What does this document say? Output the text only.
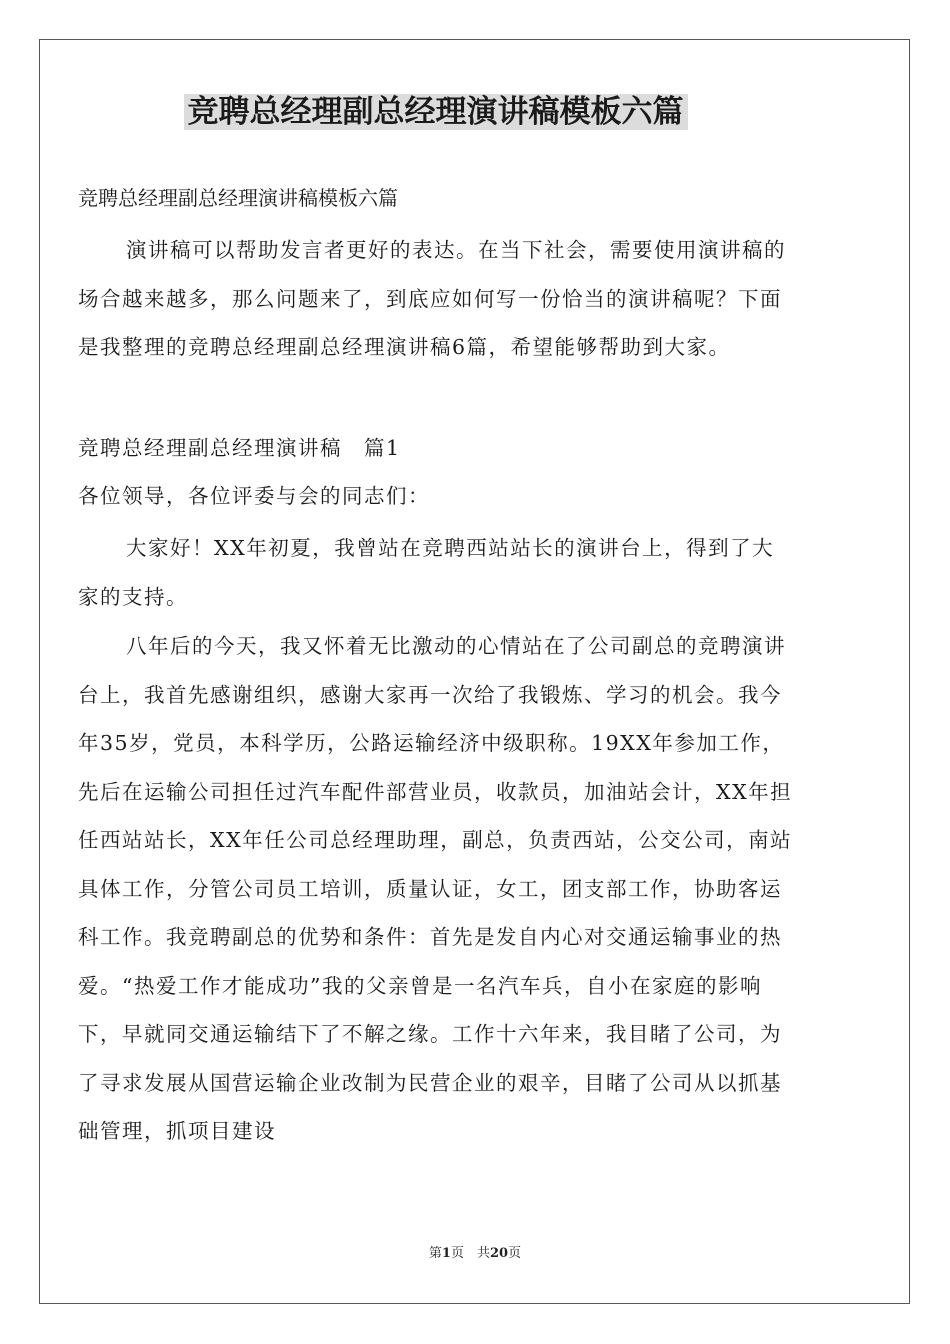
竞聘总经理副总经理演讲稿模板六篇

竞聘总经理副总经理演讲稿模板六篇

演讲稿可以帮助发言者更好的表达。在当下社会，需要使用演讲稿的场合越来越多，那么问题来了，到底应如何写一份恰当的演讲稿呢？下面是我整理的竞聘总经理副总经理演讲稿6篇，希望能够帮助到大家。

竞聘总经理副总经理演讲稿　篇1

各位领导，各位评委与会的同志们：

大家好！XX年初夏，我曾站在竞聘西站站长的演讲台上，得到了大家的支持。

八年后的今天，我又怀着无比激动的心情站在了公司副总的竞聘演讲台上，我首先感谢组织，感谢大家再一次给了我锻炼、学习的机会。我今年35岁，党员，本科学历，公路运输经济中级职称。19XX年参加工作，先后在运输公司担任过汽车配件部营业员，收款员，加油站会计，XX年担任西站站长，XX年任公司总经理助理，副总，负责西站，公交公司，南站具体工作，分管公司员工培训，质量认证，女工，团支部工作，协助客运科工作。我竞聘副总的优势和条件：首先是发自内心对交通运输事业的热爱。“热爱工作才能成功”我的父亲曾是一名汽车兵，自小在家庭的影响下，早就同交通运输结下了不解之缘。工作十六年来，我目睹了公司，为了寻求发展从国营运输企业改制为民营企业的艰辛，目睹了公司从以抓基础管理，抓项目建设

第1页　共20页
